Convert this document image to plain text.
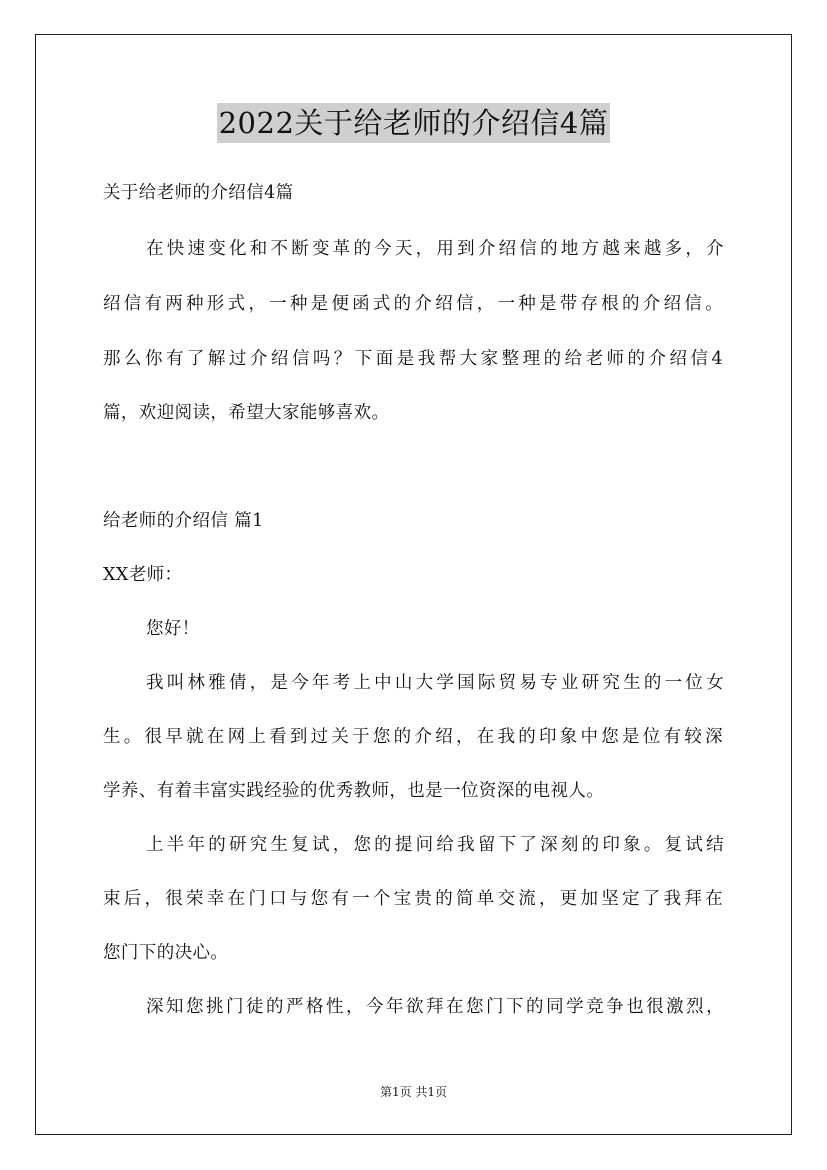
2022关于给老师的介绍信4篇
关于给老师的介绍信4篇
在快速变化和不断变革的今天，用到介绍信的地方越来越多，介
绍信有两种形式，一种是便函式的介绍信，一种是带存根的介绍信。
那么你有了解过介绍信吗？下面是我帮大家整理的给老师的介绍信4
篇，欢迎阅读，希望大家能够喜欢。
给老师的介绍信 篇1
XX老师：
您好！
我叫林雅倩，是今年考上中山大学国际贸易专业研究生的一位女
生。很早就在网上看到过关于您的介绍，在我的印象中您是位有较深
学养、有着丰富实践经验的优秀教师，也是一位资深的电视人。
上半年的研究生复试，您的提问给我留下了深刻的印象。复试结
束后，很荣幸在门口与您有一个宝贵的简单交流，更加坚定了我拜在
您门下的决心。
深知您挑门徒的严格性，今年欲拜在您门下的同学竞争也很激烈，
第1页 共1页
